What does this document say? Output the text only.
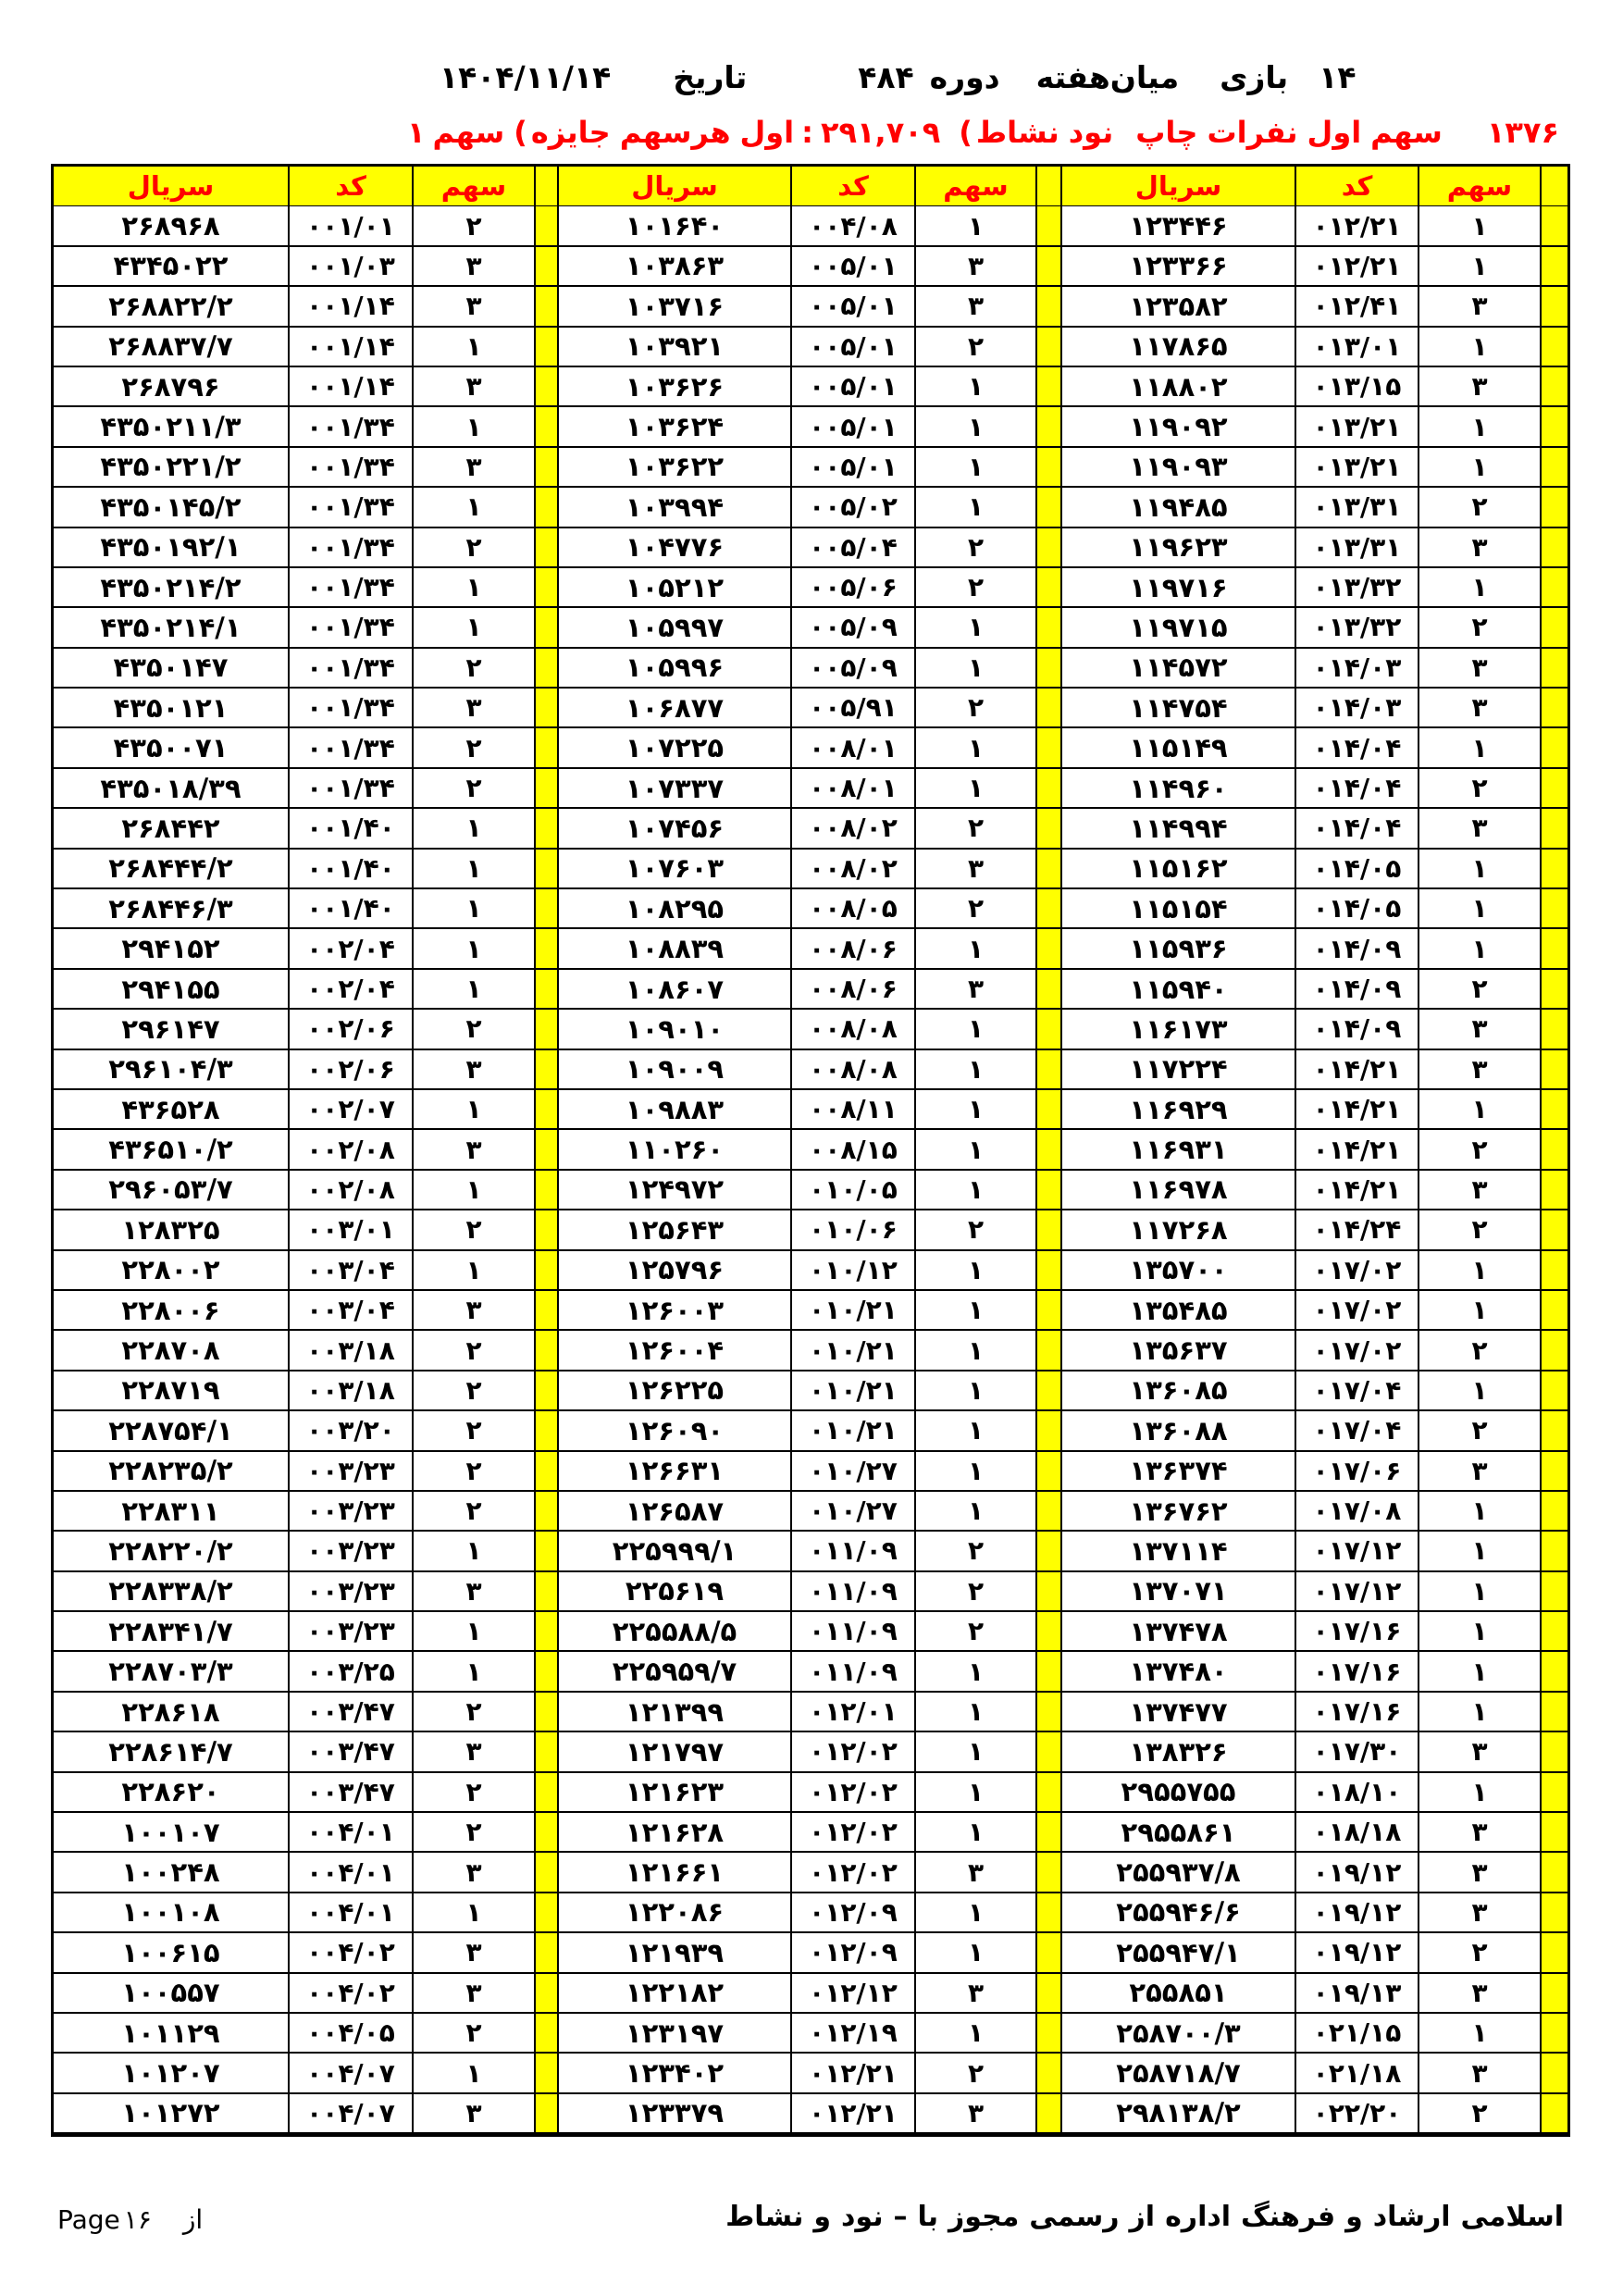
۱۴۰۴/۱۱/۱۴ تاریخ	۴۸۴ دوره میان‌هفته بازی ۱۴
۱ سهم ( جایزه هرسهم اول : ۲۹۱,۷۰۹ ( نشاط نود چاپ نفرات اول سهم ۱۳۷۶
سریال	کد	سهم	سریال	کد	سهم	سریال	کد	سهم
۲۶۸۹۶۸	۰۰۱/۰۱	۲	۱۰۱۶۴۰	۰۰۴/۰۸	۱	۱۲۳۴۴۶	۰۱۲/۲۱	۱
۴۳۴۵۰۲۲	۰۰۱/۰۳	۳	۱۰۳۸۶۳	۰۰۵/۰۱	۳	۱۲۳۳۶۶	۰۱۲/۲۱	۱
۲۶۸۸۲۲/۲	۰۰۱/۱۴	۳	۱۰۳۷۱۶	۰۰۵/۰۱	۳	۱۲۳۵۸۲	۰۱۲/۴۱	۳
۲۶۸۸۳۷/۷	۰۰۱/۱۴	۱	۱۰۳۹۲۱	۰۰۵/۰۱	۲	۱۱۷۸۶۵	۰۱۳/۰۱	۱
۲۶۸۷۹۶	۰۰۱/۱۴	۳	۱۰۳۶۲۶	۰۰۵/۰۱	۱	۱۱۸۸۰۲	۰۱۳/۱۵	۳
۴۳۵۰۲۱۱/۳	۰۰۱/۳۴	۱	۱۰۳۶۲۴	۰۰۵/۰۱	۱	۱۱۹۰۹۲	۰۱۳/۲۱	۱
۴۳۵۰۲۲۱/۲	۰۰۱/۳۴	۳	۱۰۳۶۲۲	۰۰۵/۰۱	۱	۱۱۹۰۹۳	۰۱۳/۲۱	۱
۴۳۵۰۱۴۵/۲	۰۰۱/۳۴	۱	۱۰۳۹۹۴	۰۰۵/۰۲	۱	۱۱۹۴۸۵	۰۱۳/۳۱	۲
۴۳۵۰۱۹۲/۱	۰۰۱/۳۴	۲	۱۰۴۷۷۶	۰۰۵/۰۴	۲	۱۱۹۶۲۳	۰۱۳/۳۱	۳
۴۳۵۰۲۱۴/۲	۰۰۱/۳۴	۱	۱۰۵۲۱۲	۰۰۵/۰۶	۲	۱۱۹۷۱۶	۰۱۳/۳۲	۱
۴۳۵۰۲۱۴/۱	۰۰۱/۳۴	۱	۱۰۵۹۹۷	۰۰۵/۰۹	۱	۱۱۹۷۱۵	۰۱۳/۳۲	۲
۴۳۵۰۱۴۷	۰۰۱/۳۴	۲	۱۰۵۹۹۶	۰۰۵/۰۹	۱	۱۱۴۵۷۲	۰۱۴/۰۳	۳
۴۳۵۰۱۲۱	۰۰۱/۳۴	۳	۱۰۶۸۷۷	۰۰۵/۹۱	۲	۱۱۴۷۵۴	۰۱۴/۰۳	۳
۴۳۵۰۰۷۱	۰۰۱/۳۴	۲	۱۰۷۲۲۵	۰۰۸/۰۱	۱	۱۱۵۱۴۹	۰۱۴/۰۴	۱
۴۳۵۰۱۸/۳۹	۰۰۱/۳۴	۲	۱۰۷۳۳۷	۰۰۸/۰۱	۱	۱۱۴۹۶۰	۰۱۴/۰۴	۲
۲۶۸۴۴۲	۰۰۱/۴۰	۱	۱۰۷۴۵۶	۰۰۸/۰۲	۲	۱۱۴۹۹۴	۰۱۴/۰۴	۳
۲۶۸۴۴۴/۲	۰۰۱/۴۰	۱	۱۰۷۶۰۳	۰۰۸/۰۲	۳	۱۱۵۱۶۲	۰۱۴/۰۵	۱
۲۶۸۴۴۶/۳	۰۰۱/۴۰	۱	۱۰۸۲۹۵	۰۰۸/۰۵	۲	۱۱۵۱۵۴	۰۱۴/۰۵	۱
۲۹۴۱۵۲	۰۰۲/۰۴	۱	۱۰۸۸۳۹	۰۰۸/۰۶	۱	۱۱۵۹۳۶	۰۱۴/۰۹	۱
۲۹۴۱۵۵	۰۰۲/۰۴	۱	۱۰۸۶۰۷	۰۰۸/۰۶	۳	۱۱۵۹۴۰	۰۱۴/۰۹	۲
۲۹۶۱۴۷	۰۰۲/۰۶	۲	۱۰۹۰۱۰	۰۰۸/۰۸	۱	۱۱۶۱۷۳	۰۱۴/۰۹	۳
۲۹۶۱۰۴/۳	۰۰۲/۰۶	۳	۱۰۹۰۰۹	۰۰۸/۰۸	۱	۱۱۷۲۲۴	۰۱۴/۲۱	۳
۴۳۶۵۲۸	۰۰۲/۰۷	۱	۱۰۹۸۸۳	۰۰۸/۱۱	۱	۱۱۶۹۲۹	۰۱۴/۲۱	۱
۴۳۶۵۱۰/۲	۰۰۲/۰۸	۳	۱۱۰۲۶۰	۰۰۸/۱۵	۱	۱۱۶۹۳۱	۰۱۴/۲۱	۲
۲۹۶۰۵۳/۷	۰۰۲/۰۸	۱	۱۲۴۹۷۲	۰۱۰/۰۵	۱	۱۱۶۹۷۸	۰۱۴/۲۱	۳
۱۲۸۳۲۵	۰۰۳/۰۱	۲	۱۲۵۶۴۳	۰۱۰/۰۶	۲	۱۱۷۲۶۸	۰۱۴/۲۴	۲
۲۲۸۰۰۲	۰۰۳/۰۴	۱	۱۲۵۷۹۶	۰۱۰/۱۲	۱	۱۳۵۷۰۰	۰۱۷/۰۲	۱
۲۲۸۰۰۶	۰۰۳/۰۴	۳	۱۲۶۰۰۳	۰۱۰/۲۱	۱	۱۳۵۴۸۵	۰۱۷/۰۲	۱
۲۲۸۷۰۸	۰۰۳/۱۸	۲	۱۲۶۰۰۴	۰۱۰/۲۱	۱	۱۳۵۶۳۷	۰۱۷/۰۲	۲
۲۲۸۷۱۹	۰۰۳/۱۸	۲	۱۲۶۲۲۵	۰۱۰/۲۱	۱	۱۳۶۰۸۵	۰۱۷/۰۴	۱
۲۲۸۷۵۴/۱	۰۰۳/۲۰	۲	۱۲۶۰۹۰	۰۱۰/۲۱	۱	۱۳۶۰۸۸	۰۱۷/۰۴	۲
۲۲۸۲۳۵/۲	۰۰۳/۲۳	۲	۱۲۶۶۳۱	۰۱۰/۲۷	۱	۱۳۶۳۷۴	۰۱۷/۰۶	۳
۲۲۸۳۱۱	۰۰۳/۲۳	۲	۱۲۶۵۸۷	۰۱۰/۲۷	۱	۱۳۶۷۶۲	۰۱۷/۰۸	۱
۲۲۸۲۲۰/۲	۰۰۳/۲۳	۱	۲۲۵۹۹۹/۱	۰۱۱/۰۹	۲	۱۳۷۱۱۴	۰۱۷/۱۲	۱
۲۲۸۳۳۸/۲	۰۰۳/۲۳	۳	۲۲۵۶۱۹	۰۱۱/۰۹	۲	۱۳۷۰۷۱	۰۱۷/۱۲	۱
۲۲۸۳۴۱/۷	۰۰۳/۲۳	۱	۲۲۵۵۸۸/۵	۰۱۱/۰۹	۲	۱۳۷۴۷۸	۰۱۷/۱۶	۱
۲۲۸۷۰۳/۳	۰۰۳/۲۵	۱	۲۲۵۹۵۹/۷	۰۱۱/۰۹	۱	۱۳۷۴۸۰	۰۱۷/۱۶	۱
۲۲۸۶۱۸	۰۰۳/۴۷	۲	۱۲۱۳۹۹	۰۱۲/۰۱	۱	۱۳۷۴۷۷	۰۱۷/۱۶	۱
۲۲۸۶۱۴/۷	۰۰۳/۴۷	۳	۱۲۱۷۹۷	۰۱۲/۰۲	۱	۱۳۸۳۲۶	۰۱۷/۳۰	۳
۲۲۸۶۲۰	۰۰۳/۴۷	۲	۱۲۱۶۲۳	۰۱۲/۰۲	۱	۲۹۵۵۷۵۵	۰۱۸/۱۰	۱
۱۰۰۱۰۷	۰۰۴/۰۱	۲	۱۲۱۶۲۸	۰۱۲/۰۲	۱	۲۹۵۵۸۶۱	۰۱۸/۱۸	۳
۱۰۰۲۴۸	۰۰۴/۰۱	۳	۱۲۱۶۶۱	۰۱۲/۰۲	۳	۲۵۵۹۳۷/۸	۰۱۹/۱۲	۳
۱۰۰۱۰۸	۰۰۴/۰۱	۱	۱۲۲۰۸۶	۰۱۲/۰۹	۱	۲۵۵۹۴۶/۶	۰۱۹/۱۲	۳
۱۰۰۶۱۵	۰۰۴/۰۲	۳	۱۲۱۹۳۹	۰۱۲/۰۹	۱	۲۵۵۹۴۷/۱	۰۱۹/۱۲	۲
۱۰۰۵۵۷	۰۰۴/۰۲	۳	۱۲۲۱۸۲	۰۱۲/۱۲	۳	۲۵۵۸۵۱	۰۱۹/۱۳	۳
۱۰۱۱۲۹	۰۰۴/۰۵	۲	۱۲۳۱۹۷	۰۱۲/۱۹	۱	۲۵۸۷۰۰/۳	۰۲۱/۱۵	۱
۱۰۱۲۰۷	۰۰۴/۰۷	۱	۱۲۳۴۰۲	۰۱۲/۲۱	۲	۲۵۸۷۱۸/۷	۰۲۱/۱۸	۳
۱۰۱۲۷۲	۰۰۴/۰۷	۳	۱۲۳۳۷۹	۰۱۲/۲۱	۳	۲۹۸۱۳۸/۲	۰۲۲/۲۰	۲
نشاط و نود – با مجوز رسمی از اداره فرهنگ و ارشاد اسلامی
Page ۱۶ از
